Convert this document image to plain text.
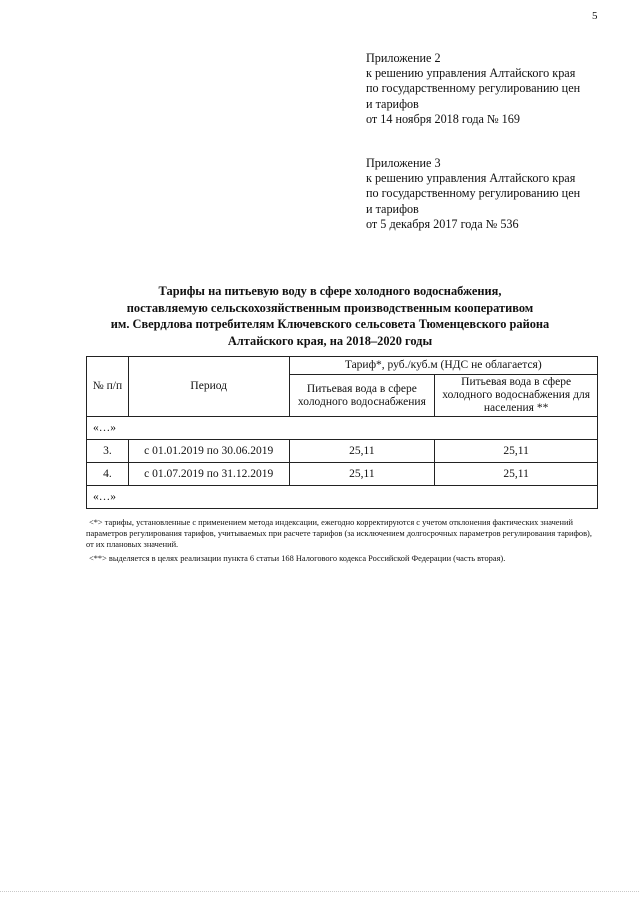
5
Приложение 2
к решению управления Алтайского края
по государственному регулированию цен
и тарифов
от 14 ноября 2018 года № 169
Приложение 3
к решению управления Алтайского края
по государственному регулированию цен
и тарифов
от 5 декабря 2017 года № 536
Тарифы на питьевую воду в сфере холодного водоснабжения,
поставляемую сельскохозяйственным производственным кооперативом
им. Свердлова потребителям Ключевского сельсовета Тюменцевского района
Алтайского края, на 2018–2020 годы
№ п/п	Период	Тариф*, руб./куб.м (НДС не облагается)	
		Питьевая вода в сфере холодного водоснабжения	Питьевая вода в сфере холодного водоснабжения для населения **
«…»			
3.	с 01.01.2019 по 30.06.2019	25,11	25,11
4.	с 01.07.2019 по 31.12.2019	25,11	25,11
«…»			

<*> тарифы, установленные с применением метода индексации, ежегодно корректируются с учетом отклонения фактических значений параметров регулирования тарифов, учитываемых при расчете тарифов (за исключением долгосрочных параметров регулирования тарифов), от их плановых значений.

<**> выделяется в целях реализации пункта 6 статьи 168 Налогового кодекса Российской Федерации (часть вторая).
